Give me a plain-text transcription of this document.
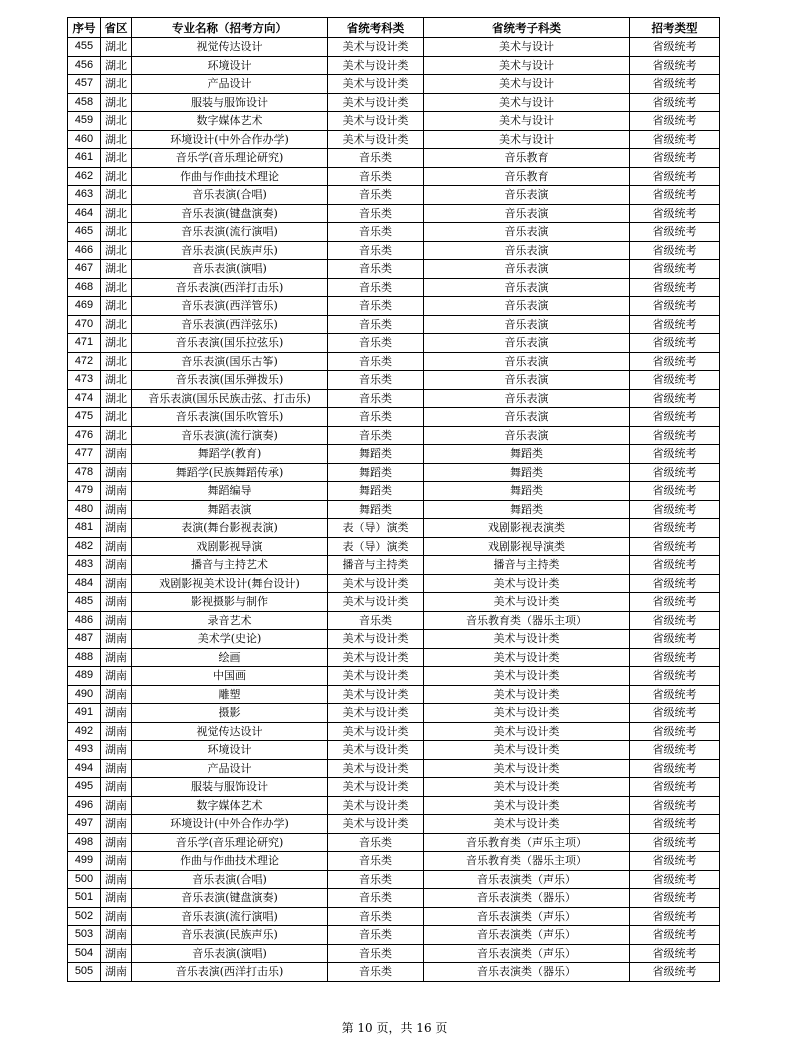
序号	省区	专业名称（招考方向）	省统考科类	省统考子科类	招考类型
455	湖北	视觉传达设计	美术与设计类	美术与设计	省级统考
456	湖北	环境设计	美术与设计类	美术与设计	省级统考
457	湖北	产品设计	美术与设计类	美术与设计	省级统考
458	湖北	服装与服饰设计	美术与设计类	美术与设计	省级统考
459	湖北	数字媒体艺术	美术与设计类	美术与设计	省级统考
460	湖北	环境设计(中外合作办学)	美术与设计类	美术与设计	省级统考
461	湖北	音乐学(音乐理论研究)	音乐类	音乐教育	省级统考
462	湖北	作曲与作曲技术理论	音乐类	音乐教育	省级统考
463	湖北	音乐表演(合唱)	音乐类	音乐表演	省级统考
464	湖北	音乐表演(键盘演奏)	音乐类	音乐表演	省级统考
465	湖北	音乐表演(流行演唱)	音乐类	音乐表演	省级统考
466	湖北	音乐表演(民族声乐)	音乐类	音乐表演	省级统考
467	湖北	音乐表演(演唱)	音乐类	音乐表演	省级统考
468	湖北	音乐表演(西洋打击乐)	音乐类	音乐表演	省级统考
469	湖北	音乐表演(西洋管乐)	音乐类	音乐表演	省级统考
470	湖北	音乐表演(西洋弦乐)	音乐类	音乐表演	省级统考
471	湖北	音乐表演(国乐拉弦乐)	音乐类	音乐表演	省级统考
472	湖北	音乐表演(国乐古筝)	音乐类	音乐表演	省级统考
473	湖北	音乐表演(国乐弹拨乐)	音乐类	音乐表演	省级统考
474	湖北	音乐表演(国乐民族击弦、打击乐)	音乐类	音乐表演	省级统考
475	湖北	音乐表演(国乐吹管乐)	音乐类	音乐表演	省级统考
476	湖北	音乐表演(流行演奏)	音乐类	音乐表演	省级统考
477	湖南	舞蹈学(教育)	舞蹈类	舞蹈类	省级统考
478	湖南	舞蹈学(民族舞蹈传承)	舞蹈类	舞蹈类	省级统考
479	湖南	舞蹈编导	舞蹈类	舞蹈类	省级统考
480	湖南	舞蹈表演	舞蹈类	舞蹈类	省级统考
481	湖南	表演(舞台影视表演)	表（导）演类	戏剧影视表演类	省级统考
482	湖南	戏剧影视导演	表（导）演类	戏剧影视导演类	省级统考
483	湖南	播音与主持艺术	播音与主持类	播音与主持类	省级统考
484	湖南	戏剧影视美术设计(舞台设计)	美术与设计类	美术与设计类	省级统考
485	湖南	影视摄影与制作	美术与设计类	美术与设计类	省级统考
486	湖南	录音艺术	音乐类	音乐教育类（器乐主项）	省级统考
487	湖南	美术学(史论)	美术与设计类	美术与设计类	省级统考
488	湖南	绘画	美术与设计类	美术与设计类	省级统考
489	湖南	中国画	美术与设计类	美术与设计类	省级统考
490	湖南	雕塑	美术与设计类	美术与设计类	省级统考
491	湖南	摄影	美术与设计类	美术与设计类	省级统考
492	湖南	视觉传达设计	美术与设计类	美术与设计类	省级统考
493	湖南	环境设计	美术与设计类	美术与设计类	省级统考
494	湖南	产品设计	美术与设计类	美术与设计类	省级统考
495	湖南	服装与服饰设计	美术与设计类	美术与设计类	省级统考
496	湖南	数字媒体艺术	美术与设计类	美术与设计类	省级统考
497	湖南	环境设计(中外合作办学)	美术与设计类	美术与设计类	省级统考
498	湖南	音乐学(音乐理论研究)	音乐类	音乐教育类（声乐主项）	省级统考
499	湖南	作曲与作曲技术理论	音乐类	音乐教育类（器乐主项）	省级统考
500	湖南	音乐表演(合唱)	音乐类	音乐表演类（声乐）	省级统考
501	湖南	音乐表演(键盘演奏)	音乐类	音乐表演类（器乐）	省级统考
502	湖南	音乐表演(流行演唱)	音乐类	音乐表演类（声乐）	省级统考
503	湖南	音乐表演(民族声乐)	音乐类	音乐表演类（声乐）	省级统考
504	湖南	音乐表演(演唱)	音乐类	音乐表演类（声乐）	省级统考
505	湖南	音乐表演(西洋打击乐)	音乐类	音乐表演类（器乐）	省级统考
第 10 页，共 16 页
